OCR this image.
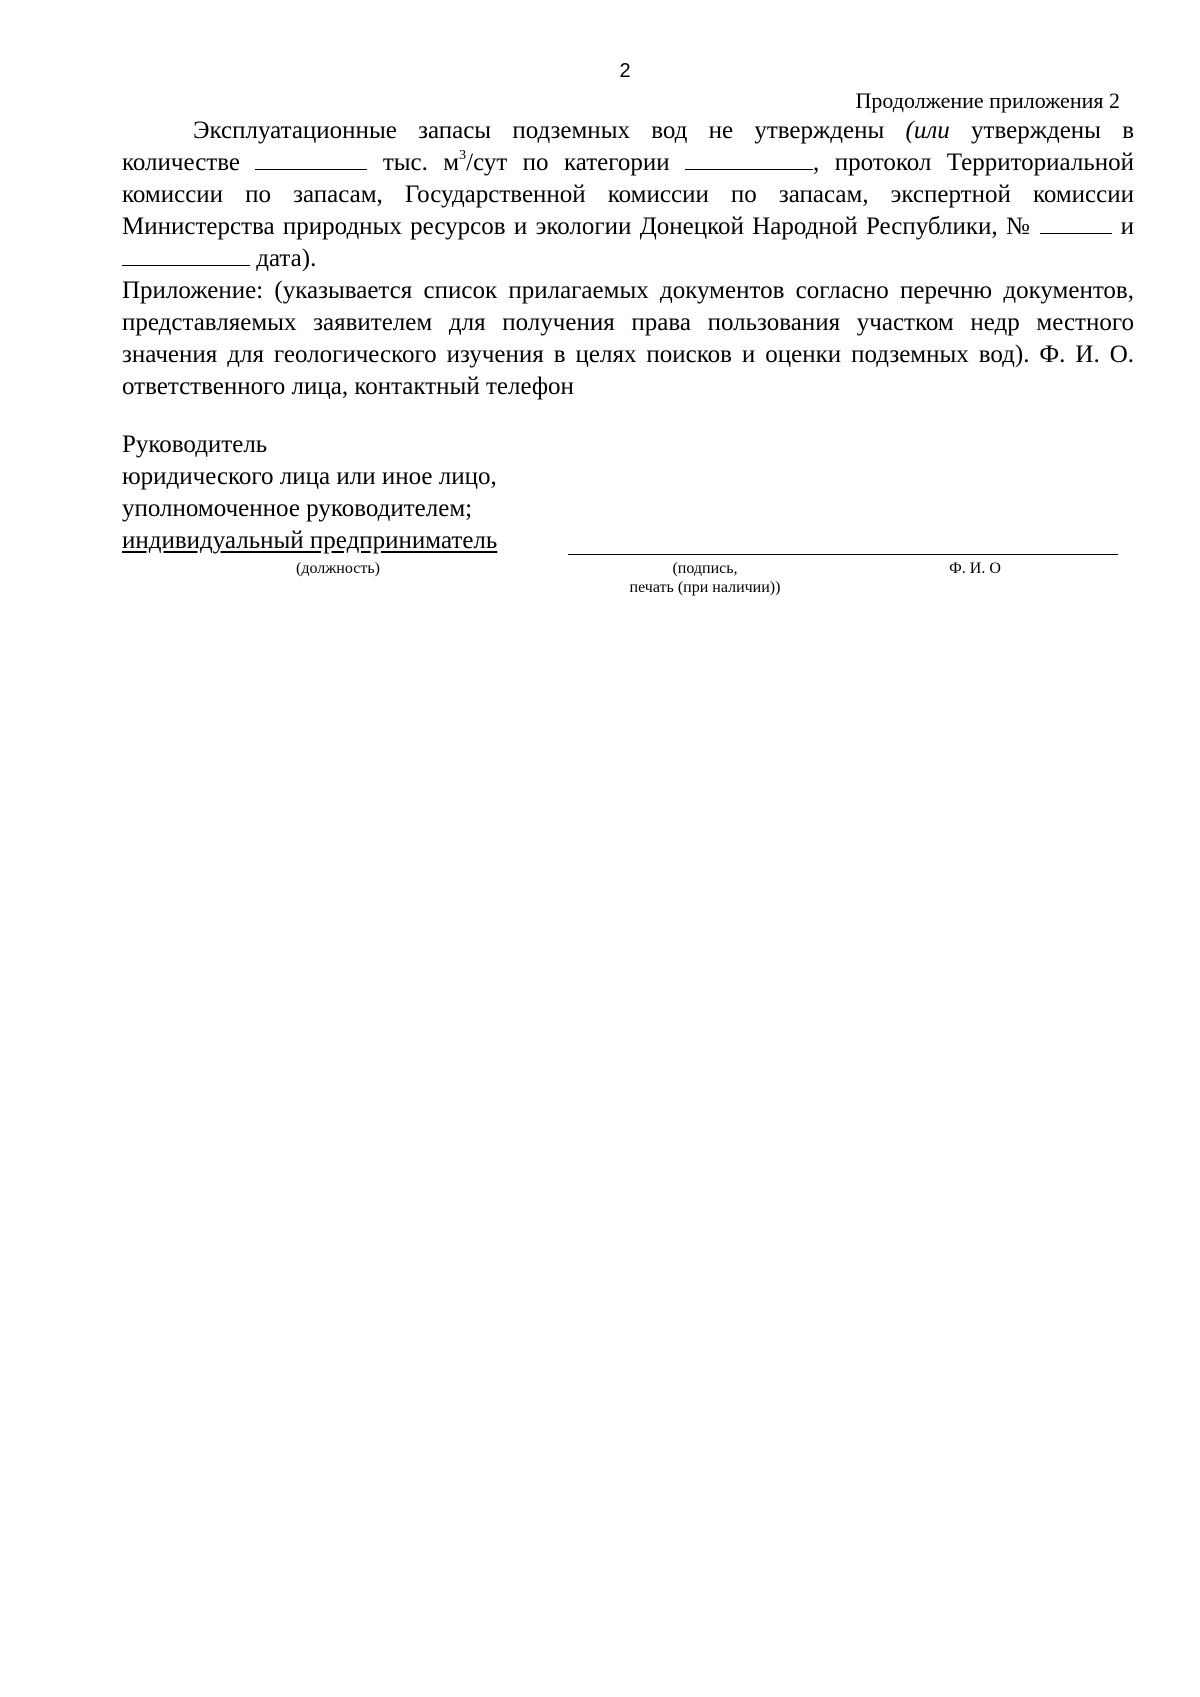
2
Продолжение приложения 2

Эксплуатационные запасы подземных вод не утверждены (или утверждены в количестве	тыс. $м^3$/сут по категории	, протокол Территориальной комиссии по запасам, Государственной комиссии по запасам, экспертной комиссии Министерства природных ресурсов и экологии Донецкой Народной Республики, №	и  дата).

Приложение: (указывается список прилагаемых документов согласно перечню документов, представляемых заявителем для получения права пользования участком недр местного значения для геологического изучения в целях поисков и оценки подземных вод). Ф. И. О. ответственного лица, контактный телефон

Руководитель
юридического лица или иное лицо,
уполномоченное руководителем;
индивидуальный предприниматель
(должность)	(подпись,
печать (при наличии))
Ф. И. О
